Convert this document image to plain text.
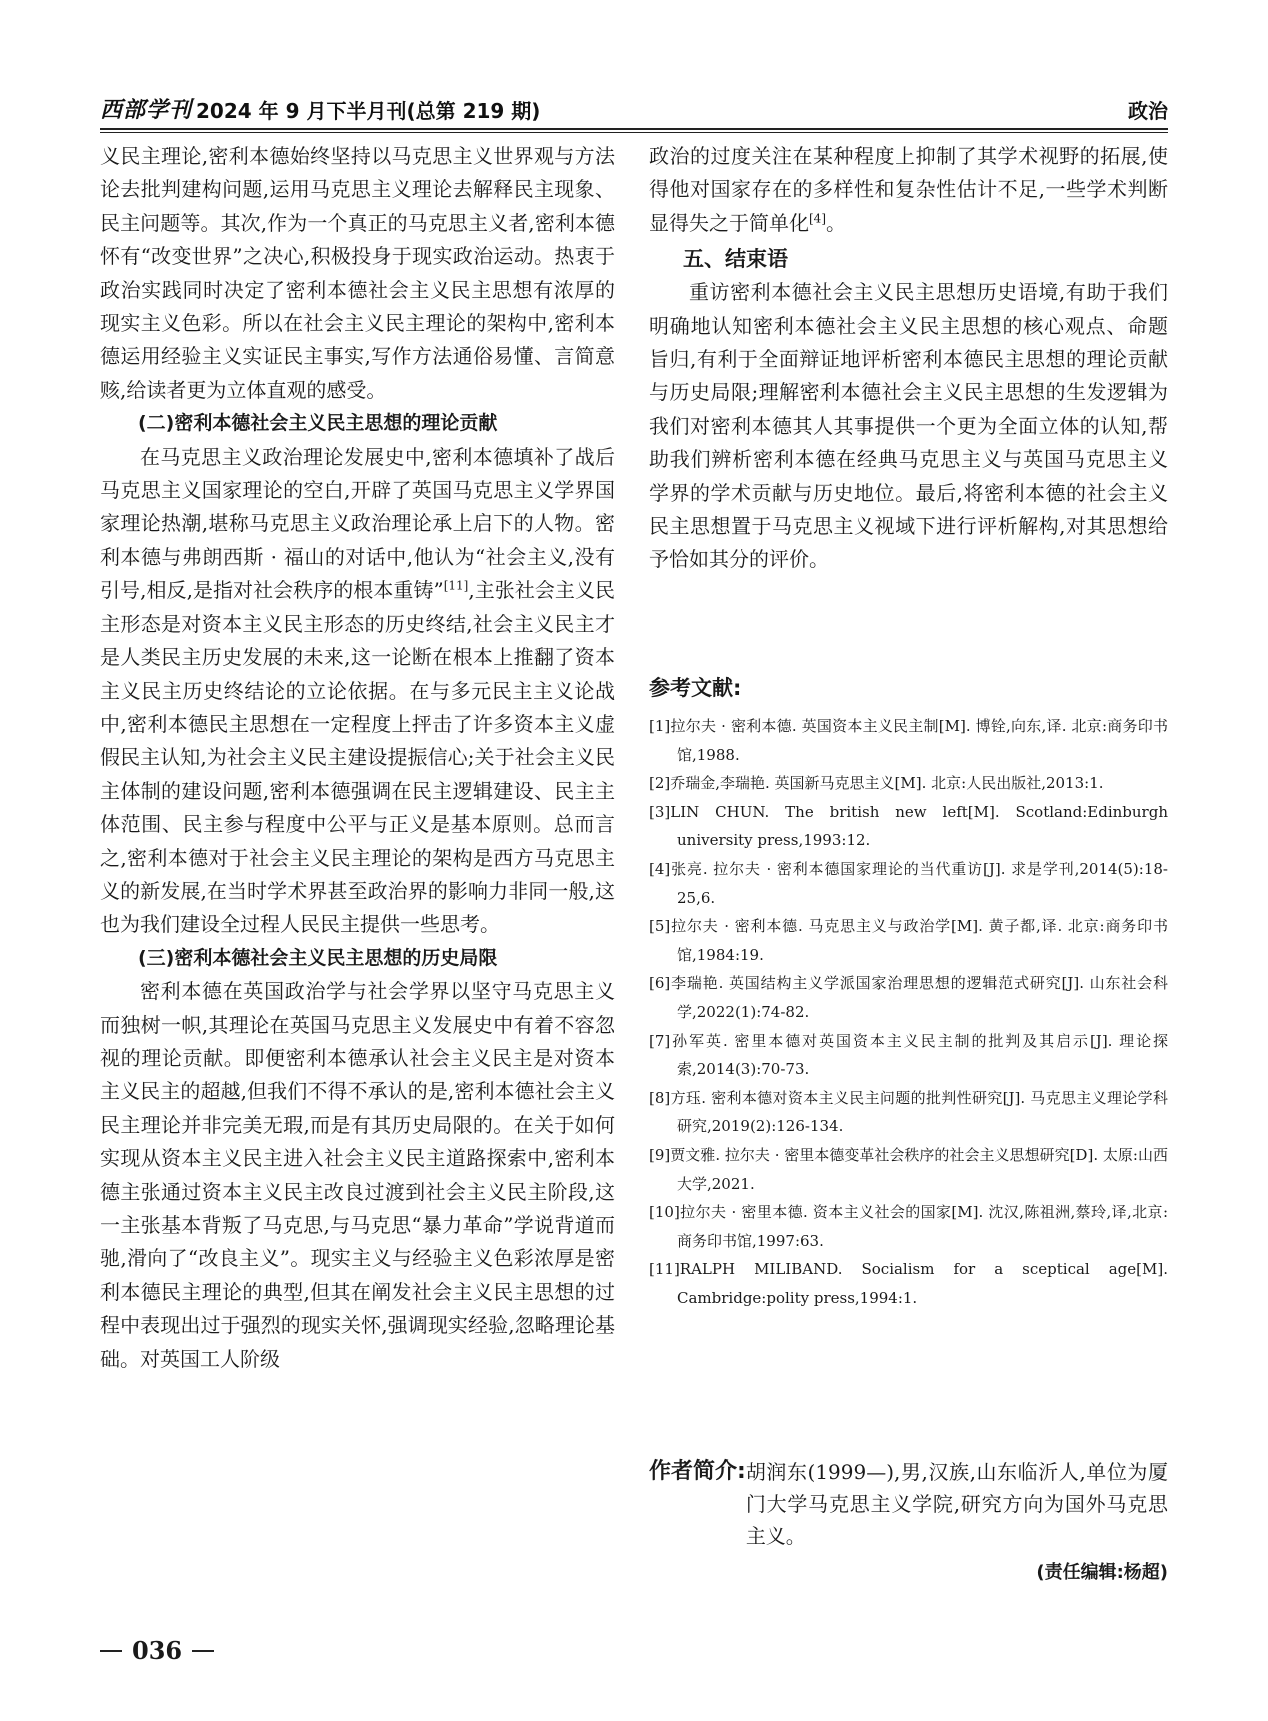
西部学刊 2024 年 9 月下半月刊(总第 219 期)	政治

义民主理论,密利本德始终坚持以马克思主义世界观与方法论去批判建构问题,运用马克思主义理论去解释民主现象、民主问题等。其次,作为一个真正的马克思主义者,密利本德怀有“改变世界”之决心,积极投身于现实政治运动。热衷于政治实践同时决定了密利本德社会主义民主思想有浓厚的现实主义色彩。所以在社会主义民主理论的架构中,密利本德运用经验主义实证民主事实,写作方法通俗易懂、言简意赅,给读者更为立体直观的感受。

(二)密利本德社会主义民主思想的理论贡献

在马克思主义政治理论发展史中,密利本德填补了战后马克思主义国家理论的空白,开辟了英国马克思主义学界国家理论热潮,堪称马克思主义政治理论承上启下的人物。密利本德与弗朗西斯 · 福山的对话中,他认为“社会主义,没有引号,相反,是指对社会秩序的根本重铸”[11],主张社会主义民主形态是对资本主义民主形态的历史终结,社会主义民主才是人类民主历史发展的未来,这一论断在根本上推翻了资本主义民主历史终结论的立论依据。在与多元民主主义论战中,密利本德民主思想在一定程度上抨击了许多资本主义虚假民主认知,为社会主义民主建设提振信心;关于社会主义民主体制的建设问题,密利本德强调在民主逻辑建设、民主主体范围、民主参与程度中公平与正义是基本原则。总而言之,密利本德对于社会主义民主理论的架构是西方马克思主义的新发展,在当时学术界甚至政治界的影响力非同一般,这也为我们建设全过程人民民主提供一些思考。

(三)密利本德社会主义民主思想的历史局限

密利本德在英国政治学与社会学界以坚守马克思主义而独树一帜,其理论在英国马克思主义发展史中有着不容忽视的理论贡献。即便密利本德承认社会主义民主是对资本主义民主的超越,但我们不得不承认的是,密利本德社会主义民主理论并非完美无瑕,而是有其历史局限的。在关于如何实现从资本主义民主进入社会主义民主道路探索中,密利本德主张通过资本主义民主改良过渡到社会主义民主阶段,这一主张基本背叛了马克思,与马克思“暴力革命”学说背道而驰,滑向了“改良主义”。现实主义与经验主义色彩浓厚是密利本德民主理论的典型,但其在阐发社会主义民主思想的过程中表现出过于强烈的现实关怀,强调现实经验,忽略理论基础。对英国工人阶级

政治的过度关注在某种程度上抑制了其学术视野的拓展,使得他对国家存在的多样性和复杂性估计不足,一些学术判断显得失之于简单化[4]。

五、结束语

重访密利本德社会主义民主思想历史语境,有助于我们明确地认知密利本德社会主义民主思想的核心观点、命题旨归,有利于全面辩证地评析密利本德民主思想的理论贡献与历史局限;理解密利本德社会主义民主思想的生发逻辑为我们对密利本德其人其事提供一个更为全面立体的认知,帮助我们辨析密利本德在经典马克思主义与英国马克思主义学界的学术贡献与历史地位。最后,将密利本德的社会主义民主思想置于马克思主义视域下进行评析解构,对其思想给予恰如其分的评价。

参考文献:

[1]拉尔夫 · 密利本德. 英国资本主义民主制[M]. 博铨,向东,译. 北京:商务印书馆,1988.

[2]乔瑞金,李瑞艳. 英国新马克思主义[M]. 北京:人民出版社,2013:1.

[3]LIN CHUN. The british new left[M]. Scotland:Edinburgh university press,1993:12.

[4]张亮. 拉尔夫 · 密利本德国家理论的当代重访[J]. 求是学刊,2014(5):18-25,6.

[5]拉尔夫 · 密利本德. 马克思主义与政治学[M]. 黄子都,译. 北京:商务印书馆,1984:19.

[6]李瑞艳. 英国结构主义学派国家治理思想的逻辑范式研究[J]. 山东社会科学,2022(1):74-82.

[7]孙军英. 密里本德对英国资本主义民主制的批判及其启示[J]. 理论探索,2014(3):70-73.

[8]方珏. 密利本德对资本主义民主问题的批判性研究[J]. 马克思主义理论学科研究,2019(2):126-134.

[9]贾文雅. 拉尔夫 · 密里本德变革社会秩序的社会主义思想研究[D]. 太原:山西大学,2021.

[10]拉尔夫 · 密里本德. 资本主义社会的国家[M]. 沈汉,陈祖洲,蔡玲,译,北京:商务印书馆,1997:63.

[11]RALPH MILIBAND. Socialism for a sceptical age[M]. Cambridge:polity press,1994:1.

作者简介: 胡润东(1999—),男,汉族,山东临沂人,单位为厦门大学马克思主义学院,研究方向为国外马克思主义。
(责任编辑:杨超)
036
